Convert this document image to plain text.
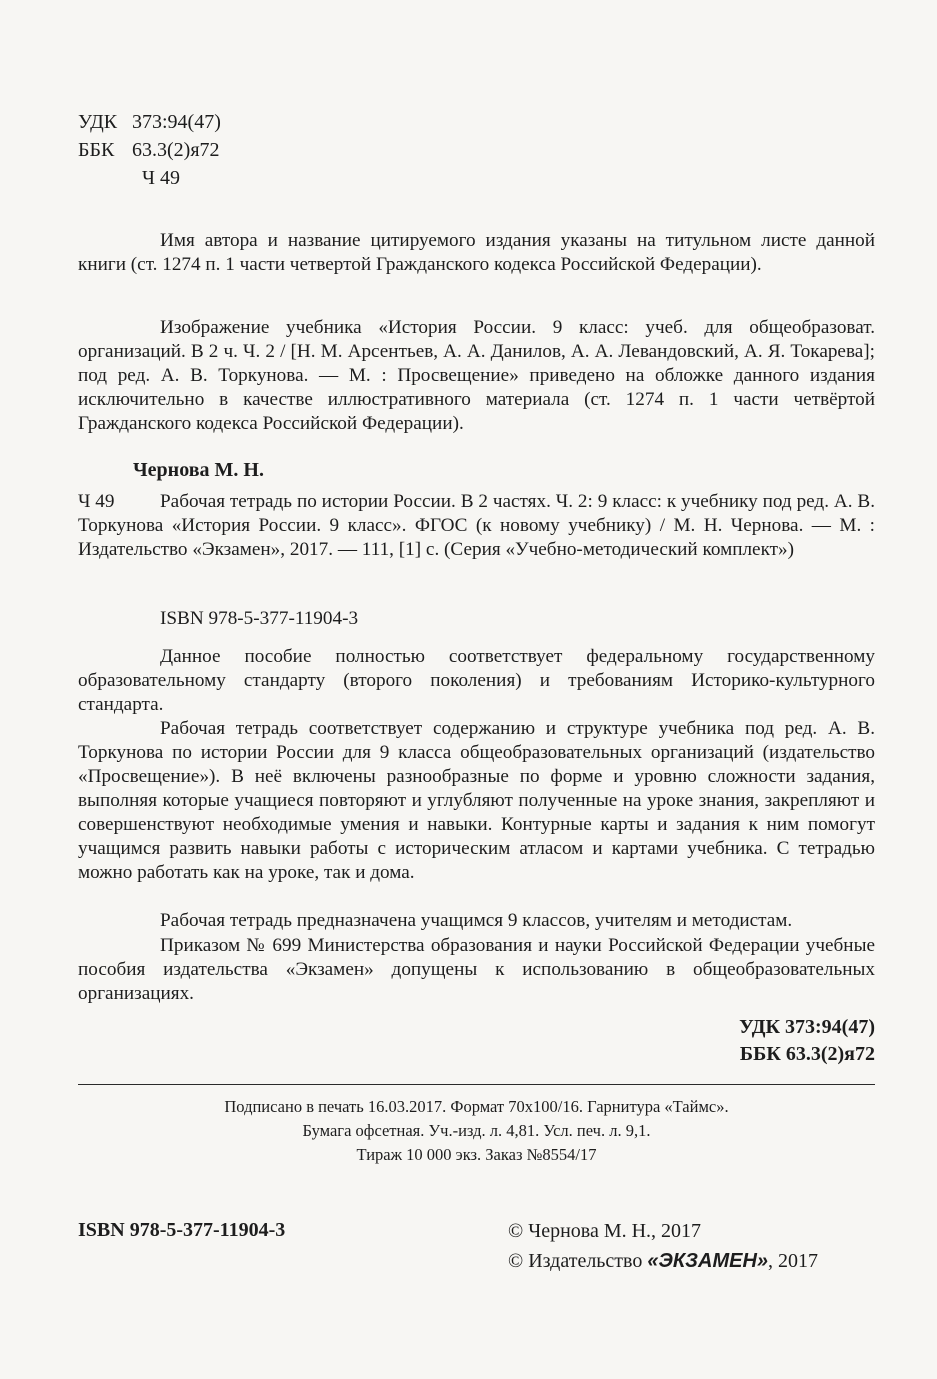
УДК 373:94(47)
ББК 63.3(2)я72
Ч 49
Имя автора и название цитируемого издания указаны на титульном листе данной книги (ст. 1274 п. 1 части четвертой Гражданского кодекса Российской Федерации).
Изображение учебника «История России. 9 класс: учеб. для общеобразоват. организаций. В 2 ч. Ч. 2 / [Н. М. Арсентьев, А. А. Данилов, А. А. Левандовский, А. Я. Токарева]; под ред. А. В. Торкунова. — М. : Просвещение» приведено на обложке данного издания исключительно в качестве иллюстративного материала (ст. 1274 п. 1 части четвёртой Гражданского кодекса Российской Федерации).
Чернова М. Н.
Ч 49	Рабочая тетрадь по истории России. В 2 частях. Ч. 2: 9 класс: к учебнику под ред. А. В. Торкунова «История России. 9 класс». ФГОС (к новому учебнику) / М. Н. Чернова. — М. : Издательство «Экзамен», 2017. — 111, [1] с. (Серия «Учебно-методический комплект»)
ISBN 978-5-377-11904-3
Данное пособие полностью соответствует федеральному государственному образовательному стандарту (второго поколения) и требованиям Историко-культурного стандарта.
Рабочая тетрадь соответствует содержанию и структуре учебника под ред. А. В. Торкунова по истории России для 9 класса общеобразовательных организаций (издательство «Просвещение»). В неё включены разнообразные по форме и уровню сложности задания, выполняя которые учащиеся повторяют и углубляют полученные на уроке знания, закрепляют и совершенствуют необходимые умения и навыки. Контурные карты и задания к ним помогут учащимся развить навыки работы с историческим атласом и картами учебника. С тетрадью можно работать как на уроке, так и дома.
Рабочая тетрадь предназначена учащимся 9 классов, учителям и методистам.
Приказом № 699 Министерства образования и науки Российской Федерации учебные пособия издательства «Экзамен» допущены к использованию в общеобразовательных организациях.
УДК 373:94(47)
ББК 63.3(2)я72
Подписано в печать 16.03.2017. Формат 70x100/16. Гарнитура «Таймс».
Бумага офсетная. Уч.-изд. л. 4,81. Усл. печ. л. 9,1.
Тираж 10 000 экз. Заказ №8554/17
ISBN 978-5-377-11904-3	© Чернова М. Н., 2017
© Издательство «ЭКЗАМЕН», 2017
